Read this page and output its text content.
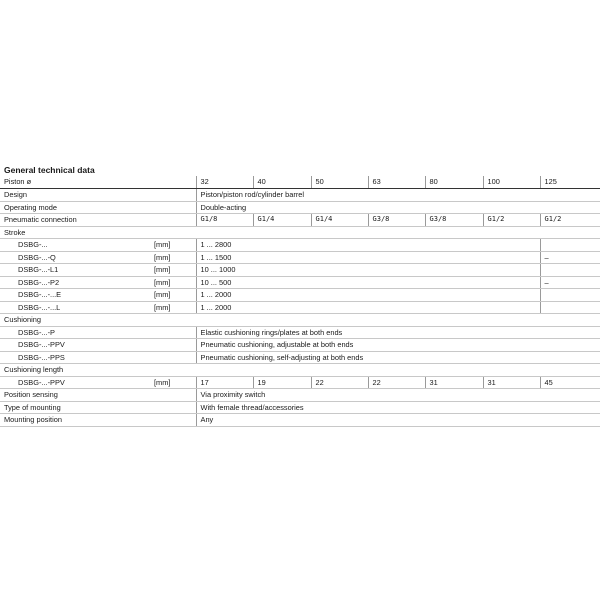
General technical data
Piston ø		32	40	50	63	80	100	125
Design		Piston/piston rod/cylinder barrel						
Operating mode		Double-acting						
Pneumatic connection		G1/8	G1/4	G1/4	G3/8	G3/8	G1/2	G1/2
Stroke								
DSBG-...	[mm]	1 ... 2800						
DSBG-...-Q	[mm]	1 ... 1500						–
DSBG-...-L1	[mm]	10 ... 1000						
DSBG-...-P2	[mm]	10 ... 500						–
DSBG-...-...E	[mm]	1 ... 2000						
DSBG-...-...L	[mm]	1 ... 2000						
Cushioning								
DSBG-...-P		Elastic cushioning rings/plates at both ends						
DSBG-...-PPV		Pneumatic cushioning, adjustable at both ends						
DSBG-...-PPS		Pneumatic cushioning, self-adjusting at both ends						
Cushioning length								
DSBG-...-PPV	[mm]	17	19	22	22	31	31	45
Position sensing		Via proximity switch						
Type of mounting		With female thread/accessories						
Mounting position		Any						
